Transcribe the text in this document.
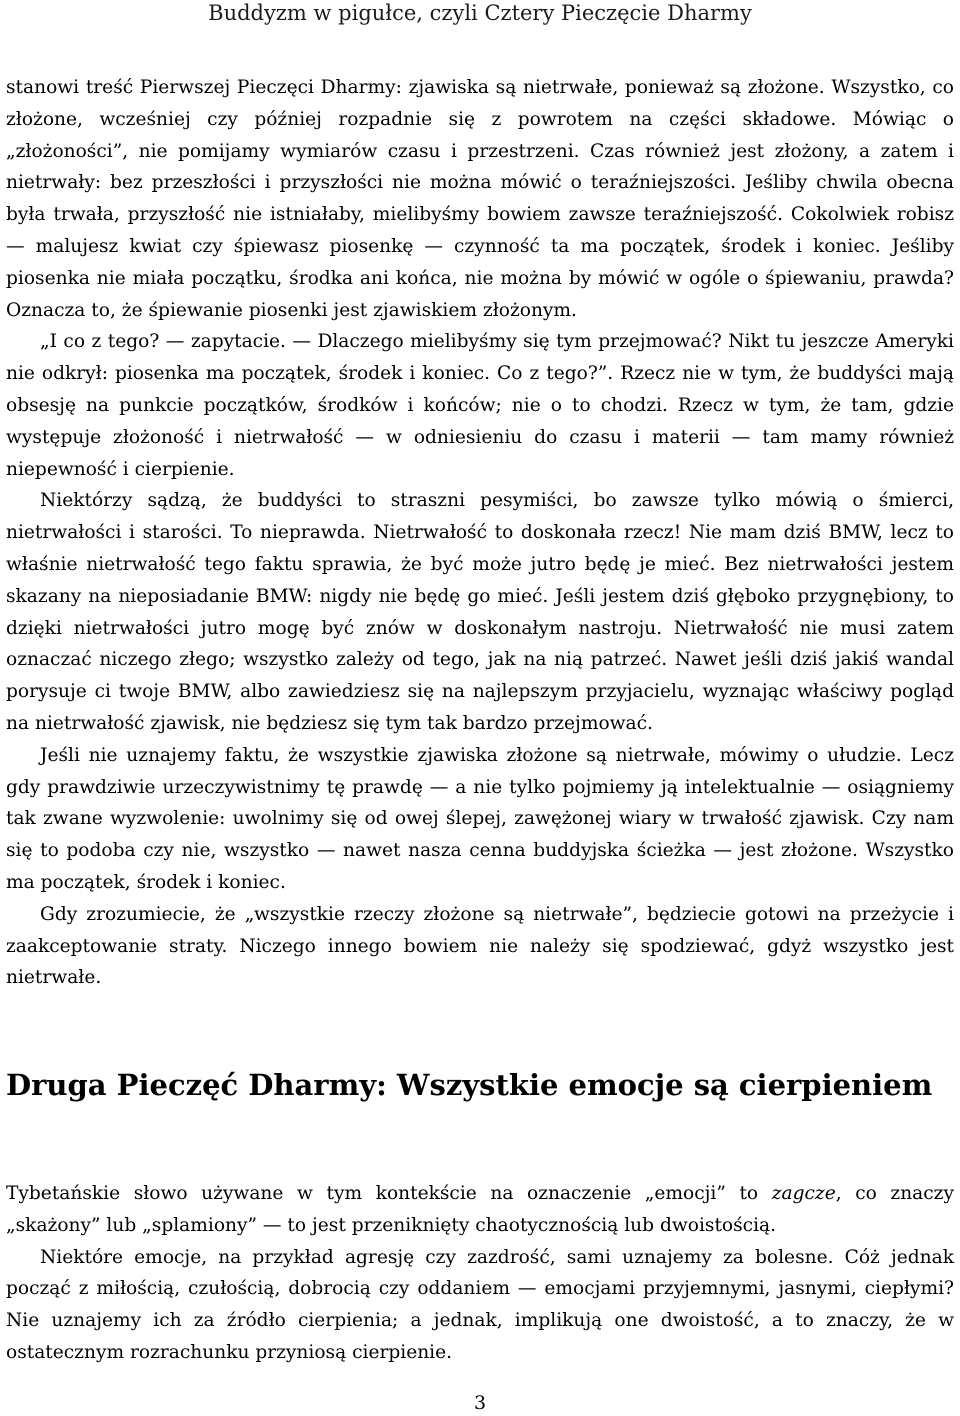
Buddyzm w pigułce, czyli Cztery Pieczęcie Dharmy

stanowi treść Pierwszej Pieczęci Dharmy: zjawiska są nietrwałe, ponieważ są złożone. Wszystko, co złożone, wcześniej czy później rozpadnie się z powrotem na części składowe. Mówiąc o „złożoności”, nie pomijamy wymiarów czasu i przestrzeni. Czas również jest złożony, a zatem i nietrwały: bez przeszłości i przyszłości nie można mówić o teraźniejszości. Jeśliby chwila obecna była trwała, przyszłość nie istniałaby, mielibyśmy bowiem zawsze teraźniejszość. Cokolwiek robisz — malujesz kwiat czy śpiewasz piosenkę — czynność ta ma początek, środek i koniec. Jeśliby piosenka nie miała początku, środka ani końca, nie można by mówić w ogóle o śpiewaniu, prawda? Oznacza to, że śpiewanie piosenki jest zjawiskiem złożonym.

„I co z tego? — zapytacie. — Dlaczego mielibyśmy się tym przejmować? Nikt tu jeszcze Ameryki nie odkrył: piosenka ma początek, środek i koniec. Co z tego?”. Rzecz nie w tym, że buddyści mają obsesję na punkcie początków, środków i końców; nie o to chodzi. Rzecz w tym, że tam, gdzie występuje złożoność i nietrwałość — w odniesieniu do czasu i materii — tam mamy również niepewność i cierpienie.

Niektórzy sądzą, że buddyści to straszni pesymiści, bo zawsze tylko mówią o śmierci, nietrwałości i starości. To nieprawda. Nietrwałość to doskonała rzecz! Nie mam dziś BMW, lecz to właśnie nietrwałość tego faktu sprawia, że być może jutro będę je mieć. Bez nietrwałości jestem skazany na nieposiadanie BMW: nigdy nie będę go mieć. Jeśli jestem dziś głęboko przygnębiony, to dzięki nietrwałości jutro mogę być znów w doskonałym nastroju. Nietrwałość nie musi zatem oznaczać niczego złego; wszystko zależy od tego, jak na nią patrzeć. Nawet jeśli dziś jakiś wandal porysuje ci twoje BMW, albo zawiedziesz się na najlepszym przyjacielu, wyznając właściwy pogląd na nietrwałość zjawisk, nie będziesz się tym tak bardzo przejmować.

Jeśli nie uznajemy faktu, że wszystkie zjawiska złożone są nietrwałe, mówimy o ułudzie. Lecz gdy prawdziwie urzeczywistnimy tę prawdę — a nie tylko pojmiemy ją intelektualnie — osiągniemy tak zwane wyzwolenie: uwolnimy się od owej ślepej, zawężonej wiary w trwałość zjawisk. Czy nam się to podoba czy nie, wszystko — nawet nasza cenna buddyjska ścieżka — jest złożone. Wszystko ma początek, środek i koniec.

Gdy zrozumiecie, że „wszystkie rzeczy złożone są nietrwałe”, będziecie gotowi na przeżycie i zaakceptowanie straty. Niczego innego bowiem nie należy się spodziewać, gdyż wszystko jest nietrwałe.

Druga Pieczęć Dharmy: Wszystkie emocje są cierpieniem

Tybetańskie słowo używane w tym kontekście na oznaczenie „emocji” to zagcze, co znaczy „skażony” lub „splamiony” — to jest przeniknięty chaotycznością lub dwoistością.

Niektóre emocje, na przykład agresję czy zazdrość, sami uznajemy za bolesne. Cóż jednak począć z miłością, czułością, dobrocią czy oddaniem — emocjami przyjemnymi, jasnymi, ciepłymi? Nie uznajemy ich za źródło cierpienia; a jednak, implikują one dwoistość, a to znaczy, że w ostatecznym rozrachunku przyniosą cierpienie.

3
